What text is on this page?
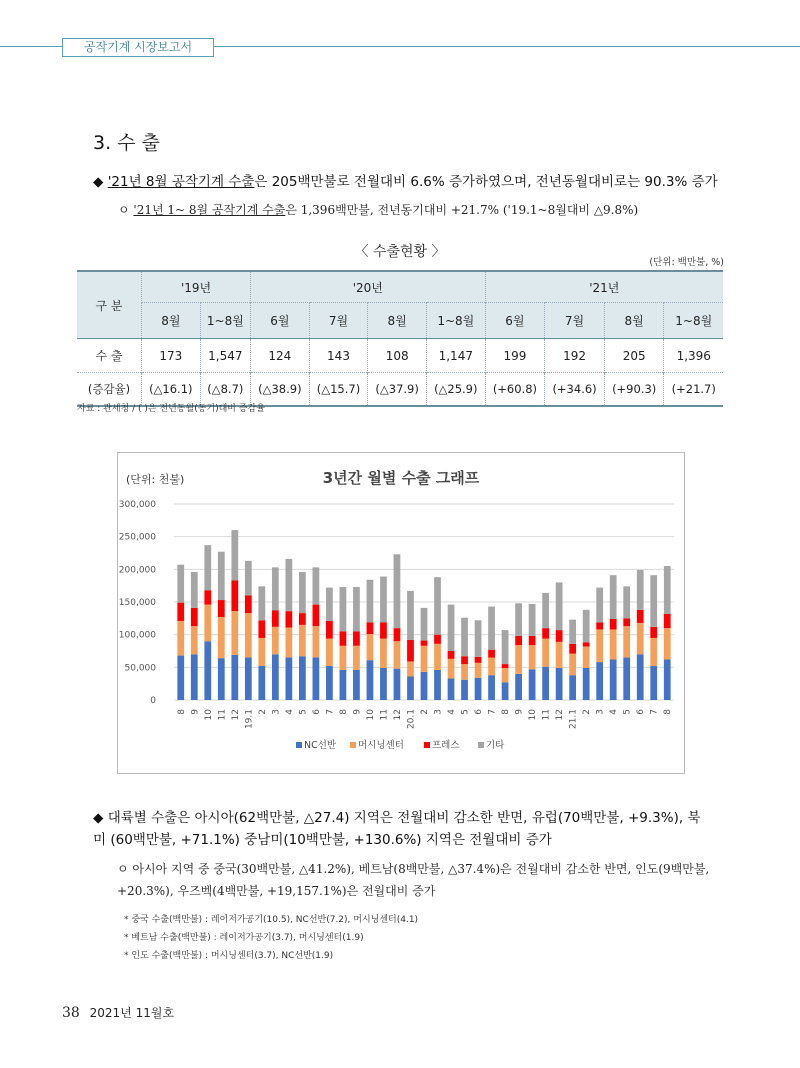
공작기계 시장보고서
3. 수 출
◆ '21년 8월 공작기계 수출은 205백만불로 전월대비 6.6% 증가하였으며, 전년동월대비로는 90.3% 증가
ㅇ '21년 1~ 8월 공작기계 수출은 1,396백만불, 전년동기대비 +21.7% ('19.1~8월대비 △9.8%)
〈 수출현황 〉
(단위: 백만불, %)
구 분	'19년		'20년				'21년			
	8월	1~8월	6월	7월	8월	1~8월	6월	7월	8월	1~8월
수 출	173	1,547	124	143	108	1,147	199	192	205	1,396
(증감율)	(△16.1)	(△8.7)	(△38.9)	(△15.7)	(△37.9)	(△25.9)	(+60.8)	(+34.6)	(+90.3)	(+21.7)
자료 : 관세청 / ( )은 전년동월(동기)대비 증감율
(단위: 천불)	3년간 월별 수출 그래프
0
50,000
100,000
150,000
200,000
250,000
300,000
8 9 10 11 12 19.1 2 3 4 5 6 7 8 9 10 11 12 20.1 2 3 4 5 6 7 8 9 10 11 12 21.1 2 3 4 5 6 7 8
NC선반 머시닝센터	프레스	기타
◆ 대륙별 수출은 아시아(62백만불, △27.4) 지역은 전월대비 감소한 반면, 유럽(70백만불, +9.3%), 북미 (60백만불, +71.1%) 중남미(10백만불, +130.6%) 지역은 전월대비 증가
ㅇ 아시아 지역 중 중국(30백만불, △41.2%), 베트남(8백만불, △37.4%)은 전월대비 감소한 반면, 인도(9백만불, +20.3%), 우즈벡(4백만불, +19,157.1%)은 전월대비 증가
* 중국 수출(백만불) : 레이저가공기(10.5), NC선반(7.2), 머시닝센터(4.1)
* 베트남 수출(백만불) : 레이저가공기(3.7), 머시닝센터(1.9)
* 인도 수출(백만불) : 머시닝센터(3.7), NC선반(1.9)
38 2021년 11월호
